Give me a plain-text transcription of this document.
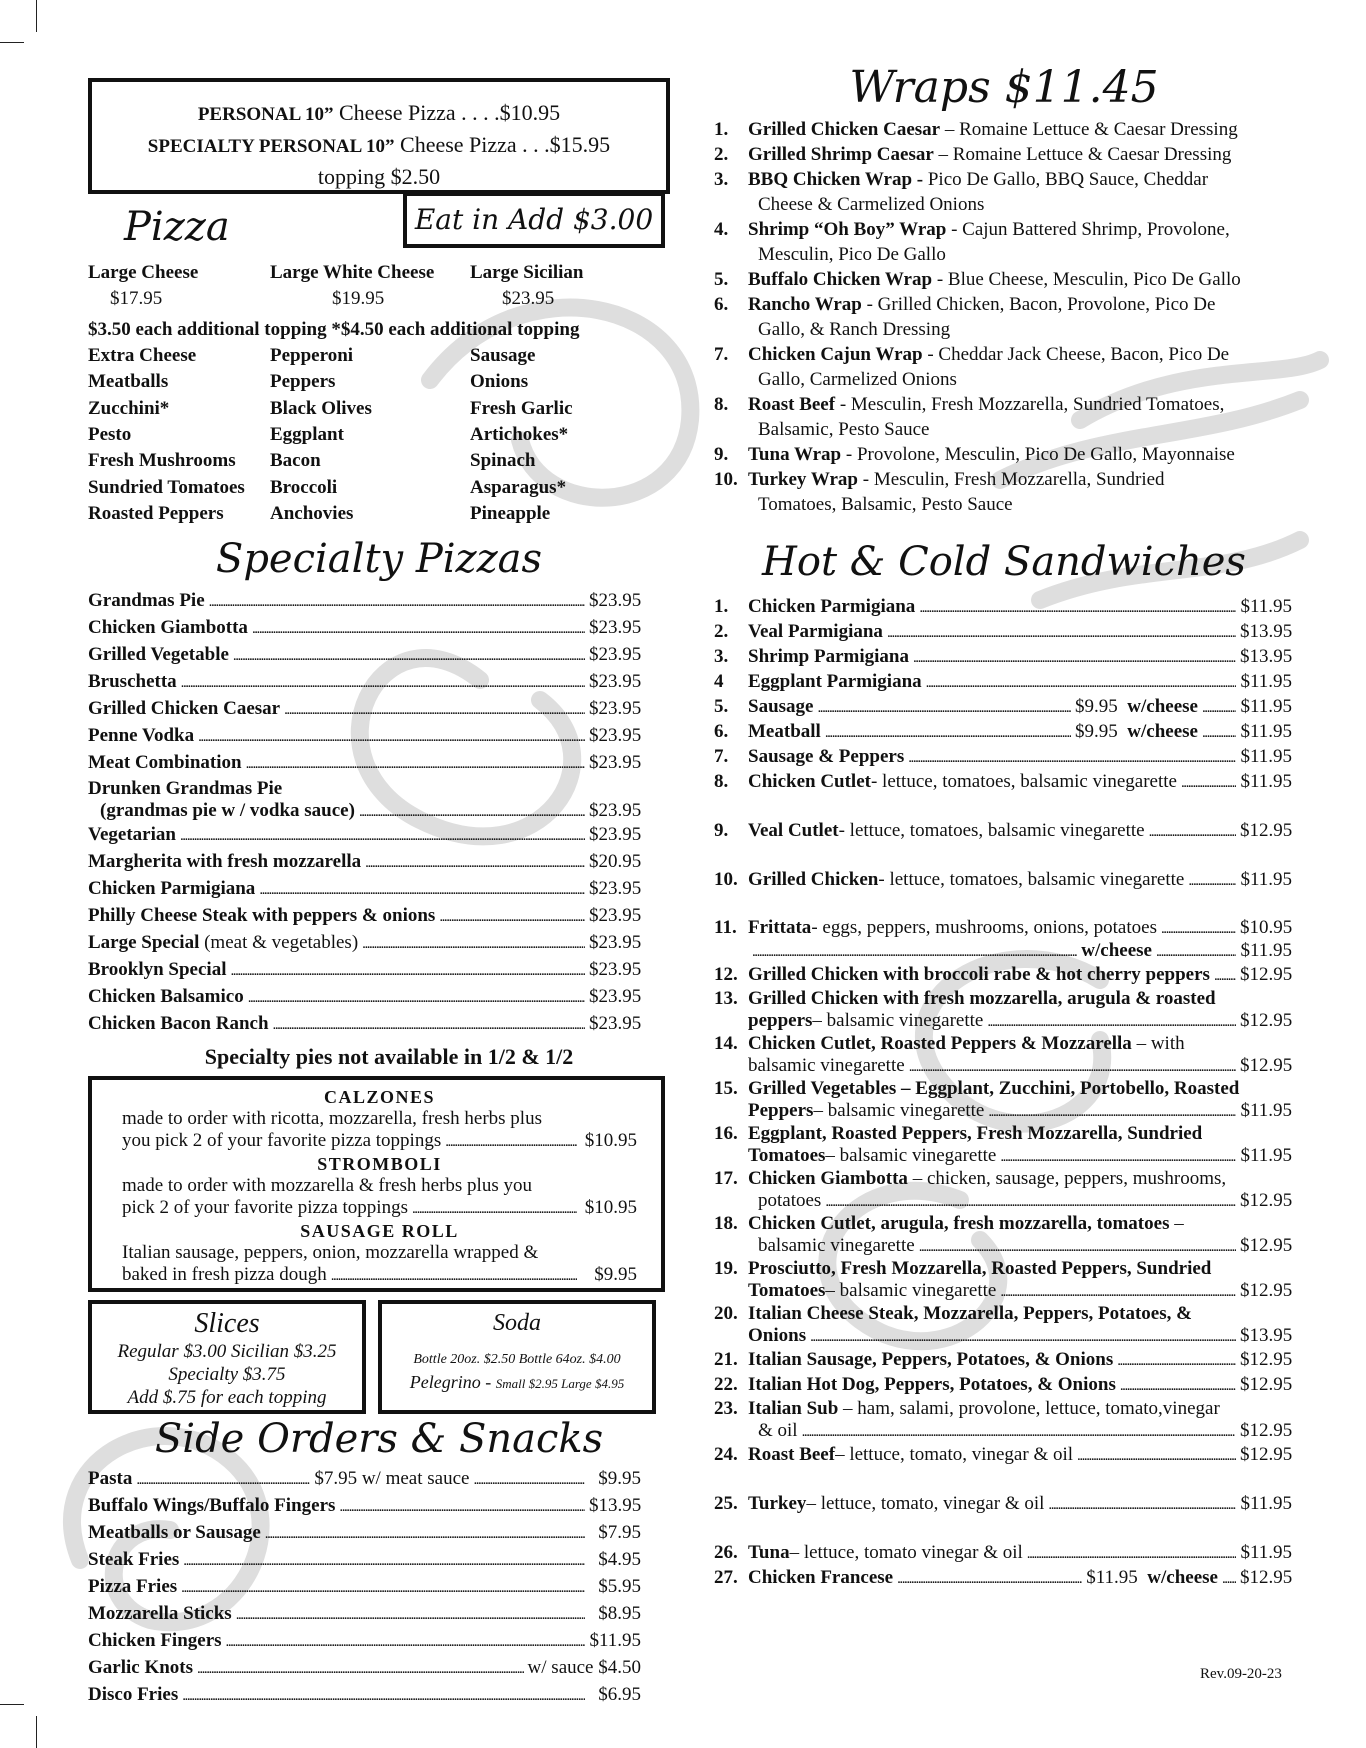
PERSONAL 10” Cheese Pizza . . . .$10.95
SPECIALTY PERSONAL 10” Cheese Pizza . . .$15.95
topping $2.50
Pizza	Eat in Add $3.00
Large Cheese	Large White Cheese	Large Sicilian
$17.95	$19.95	$23.95
$3.50 each additional topping *$4.50 each additional topping
Extra Cheese	Pepperoni	Sausage
Meatballs	Peppers	Onions
Zucchini*	Black Olives	Fresh Garlic
Pesto	Eggplant	Artichokes*
Fresh Mushrooms	Bacon	Spinach
Sundried Tomatoes	Broccoli	Asparagus*
Roasted Peppers	Anchovies	Pineapple
Specialty Pizzas
Grandmas Pie . . .	$23.95
Chicken Giambotta . . .	$23.95
Grilled Vegetable . . .	$23.95
Bruschetta . . .	$23.95
Grilled Chicken Caesar . . .	$23.95
Penne Vodka . . .	$23.95
Meat Combination . . .	$23.95
Drunken Grandmas Pie
(grandmas pie w / vodka sauce) . . .	$23.95
Vegetarian . . .	$23.95
Margherita with fresh mozzarella . . .	$20.95
Chicken Parmigiana . . .	$23.95
Philly Cheese Steak with peppers & onions . . .	$23.95
Large Special (meat & vegetables) . . .	$23.95
Brooklyn Special . . .	$23.95
Chicken Balsamico . . .	$23.95
Chicken Bacon Ranch . . .	$23.95
Specialty pies not available in 1/2 & 1/2
CALZONES
made to order with ricotta, mozzarella, fresh herbs plus
you pick 2 of your favorite pizza toppings . . .	$10.95
STROMBOLI
made to order with mozzarella & fresh herbs plus you
pick 2 of your favorite pizza toppings . . .	$10.95
SAUSAGE ROLL
Italian sausage, peppers, onion, mozzarella wrapped &
baked in fresh pizza dough . . .	$9.95
Slices
Regular $3.00 Sicilian $3.25
Specialty $3.75
Add $.75 for each topping
Soda
Bottle 20oz. $2.50 Bottle 64oz. $4.00
Pelegrino - Small $2.95 Large $4.95
Side Orders & Snacks
Pasta . . .	$7.95 w/ meat sauce . . .	$9.95
Buffalo Wings/Buffalo Fingers . . .	$13.95
Meatballs or Sausage . . .	$7.95
Steak Fries . . .	$4.95
Pizza Fries . . .	$5.95
Mozzarella Sticks . . .	$8.95
Chicken Fingers . . .	$11.95
Garlic Knots . . .	w/ sauce $4.50
Disco Fries . . .	$6.95
Wraps $11.45
1.	Grilled Chicken Caesar – Romaine Lettuce & Caesar Dressing
2.	Grilled Shrimp Caesar – Romaine Lettuce & Caesar Dressing
3.	BBQ Chicken Wrap - Pico De Gallo, BBQ Sauce, Cheddar
Cheese & Carmelized Onions
4.	Shrimp “Oh Boy” Wrap - Cajun Battered Shrimp, Provolone,
Mesculin, Pico De Gallo
5.	Buffalo Chicken Wrap - Blue Cheese, Mesculin, Pico De Gallo
6.	Rancho Wrap - Grilled Chicken, Bacon, Provolone, Pico De
Gallo, & Ranch Dressing
7.	Chicken Cajun Wrap - Cheddar Jack Cheese, Bacon, Pico De
Gallo, Carmelized Onions
8.	Roast Beef - Mesculin, Fresh Mozzarella, Sundried Tomatoes,
Balsamic, Pesto Sauce
9.	Tuna Wrap - Provolone, Mesculin, Pico De Gallo, Mayonnaise
10. Turkey Wrap - Mesculin, Fresh Mozzarella, Sundried
Tomatoes, Balsamic, Pesto Sauce
Hot & Cold Sandwiches
1.	Chicken Parmigiana . . .	$11.95
2.	Veal Parmigiana . . .	$13.95
3.	Shrimp Parmigiana . . .	$13.95
4	Eggplant Parmigiana . . .	$11.95
5.	Sausage . . .	$9.95
w/cheese . . . $11.95
6.	Meatball . . .	$9.95
w/cheese . . . $11.95
7.	Sausage & Peppers . . .	$11.95
8.	Chicken Cutlet - lettuce, tomatoes, balsamic vinegarette . . .	$11.95
9.	Veal Cutlet - lettuce, tomatoes, balsamic vinegarette . . .	$12.95
10. Grilled Chicken - lettuce, tomatoes, balsamic vinegarette . . .	$11.95
11. Frittata - eggs, peppers, mushrooms, onions, potatoes . . .	$10.95
. . .
w/cheese . . .	$11.95
12. Grilled Chicken with broccoli rabe & hot cherry peppers . . . $12.95
13. Grilled Chicken with fresh mozzarella, arugula & roasted
peppers – balsamic vinegarette . . .	$12.95
14. Chicken Cutlet, Roasted Peppers & Mozzarella – with
balsamic vinegarette . . .	$12.95
15. Grilled Vegetables – Eggplant, Zucchini, Portobello, Roasted
Peppers – balsamic vinegarette . . .	$11.95
16. Eggplant, Roasted Peppers, Fresh Mozzarella, Sundried
Tomatoes – balsamic vinegarette . . .	$11.95
17. Chicken Giambotta – chicken, sausage, peppers, mushrooms,
potatoes . . .	$12.95
18. Chicken Cutlet, arugula, fresh mozzarella, tomatoes –
balsamic vinegarette . . .	$12.95
19. Prosciutto, Fresh Mozzarella, Roasted Peppers, Sundried
Tomatoes – balsamic vinegarette . . .	$12.95
20. Italian Cheese Steak, Mozzarella, Peppers, Potatoes, &
Onions . . .	$13.95
21. Italian Sausage, Peppers, Potatoes, & Onions . . .	$12.95
22. Italian Hot Dog, Peppers, Potatoes, & Onions . . .	$12.95
23. Italian Sub – ham, salami, provolone, lettuce, tomato,vinegar
& oil . . .	$12.95
24. Roast Beef – lettuce, tomato, vinegar & oil . . .	$12.95
25. Turkey – lettuce, tomato, vinegar & oil . . .	$11.95
26. Tuna – lettuce, tomato vinegar & oil . . .	$11.95
27. Chicken Francese . . .	$11.95
w/cheese . . . $12.95
Rev.09-20-23
